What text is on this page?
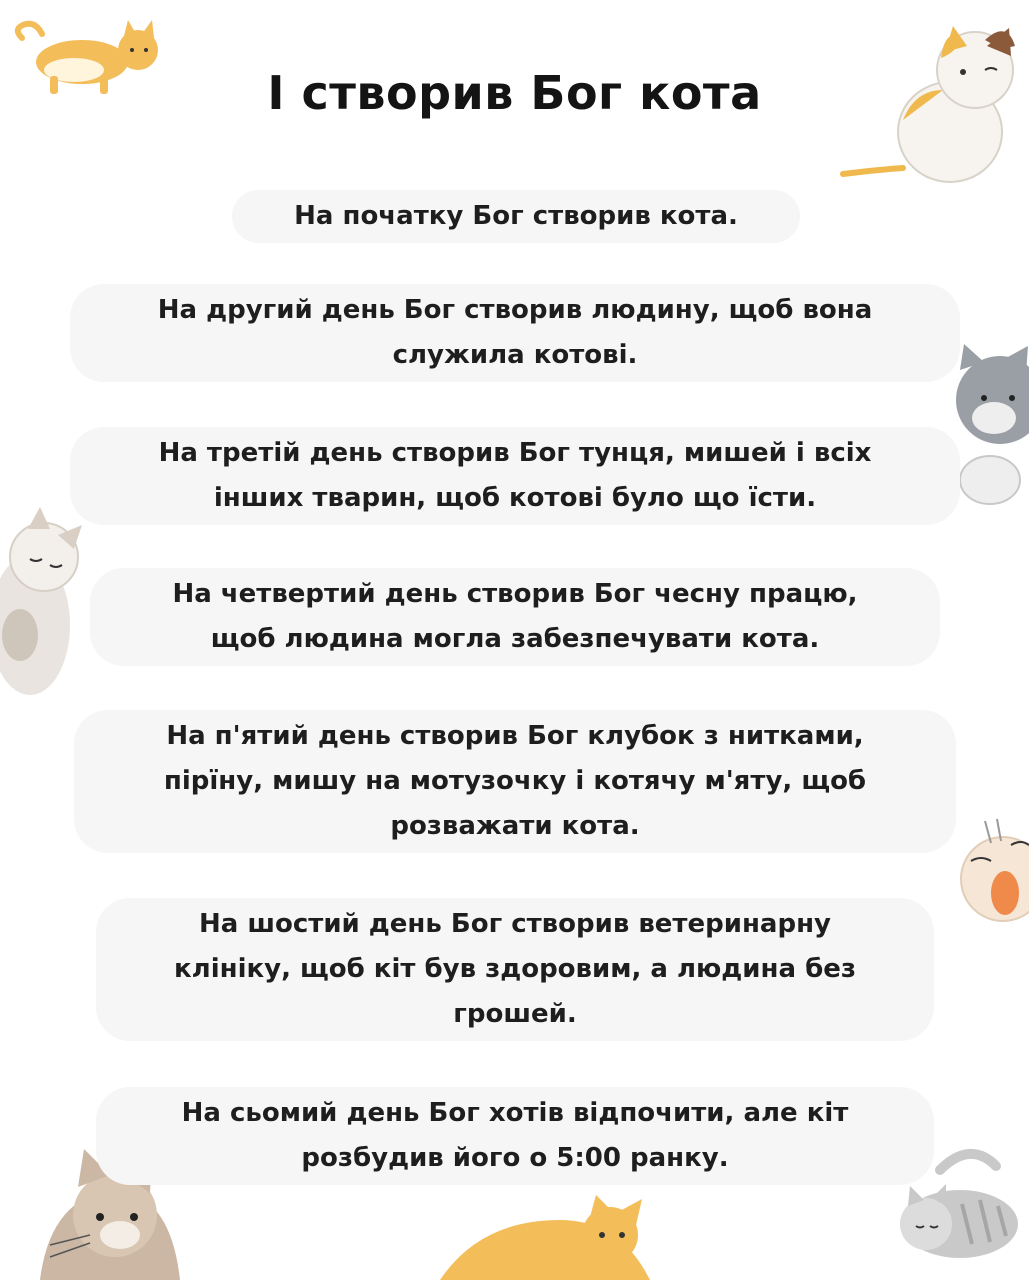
І створив Бог кота
На початку Бог створив кота.
На другий день Бог створив людину, щоб вона
служила котові.
На третій день створив Бог тунця, мишей і всіх
інших тварин, щоб котові було що їсти.
На четвертий день створив Бог чесну працю,
щоб людина могла забезпечувати кота.
На п'ятий день створив Бог клубок з нитками,
пірїну, мишу на мотузочку і котячу м'яту, щоб
розважати кота.
На шостий день Бог створив ветеринарну
клініку, щоб кіт був здоровим, а людина без
грошей.
На сьомий день Бог хотів відпочити, але кіт
розбудив його о 5:00 ранку.
